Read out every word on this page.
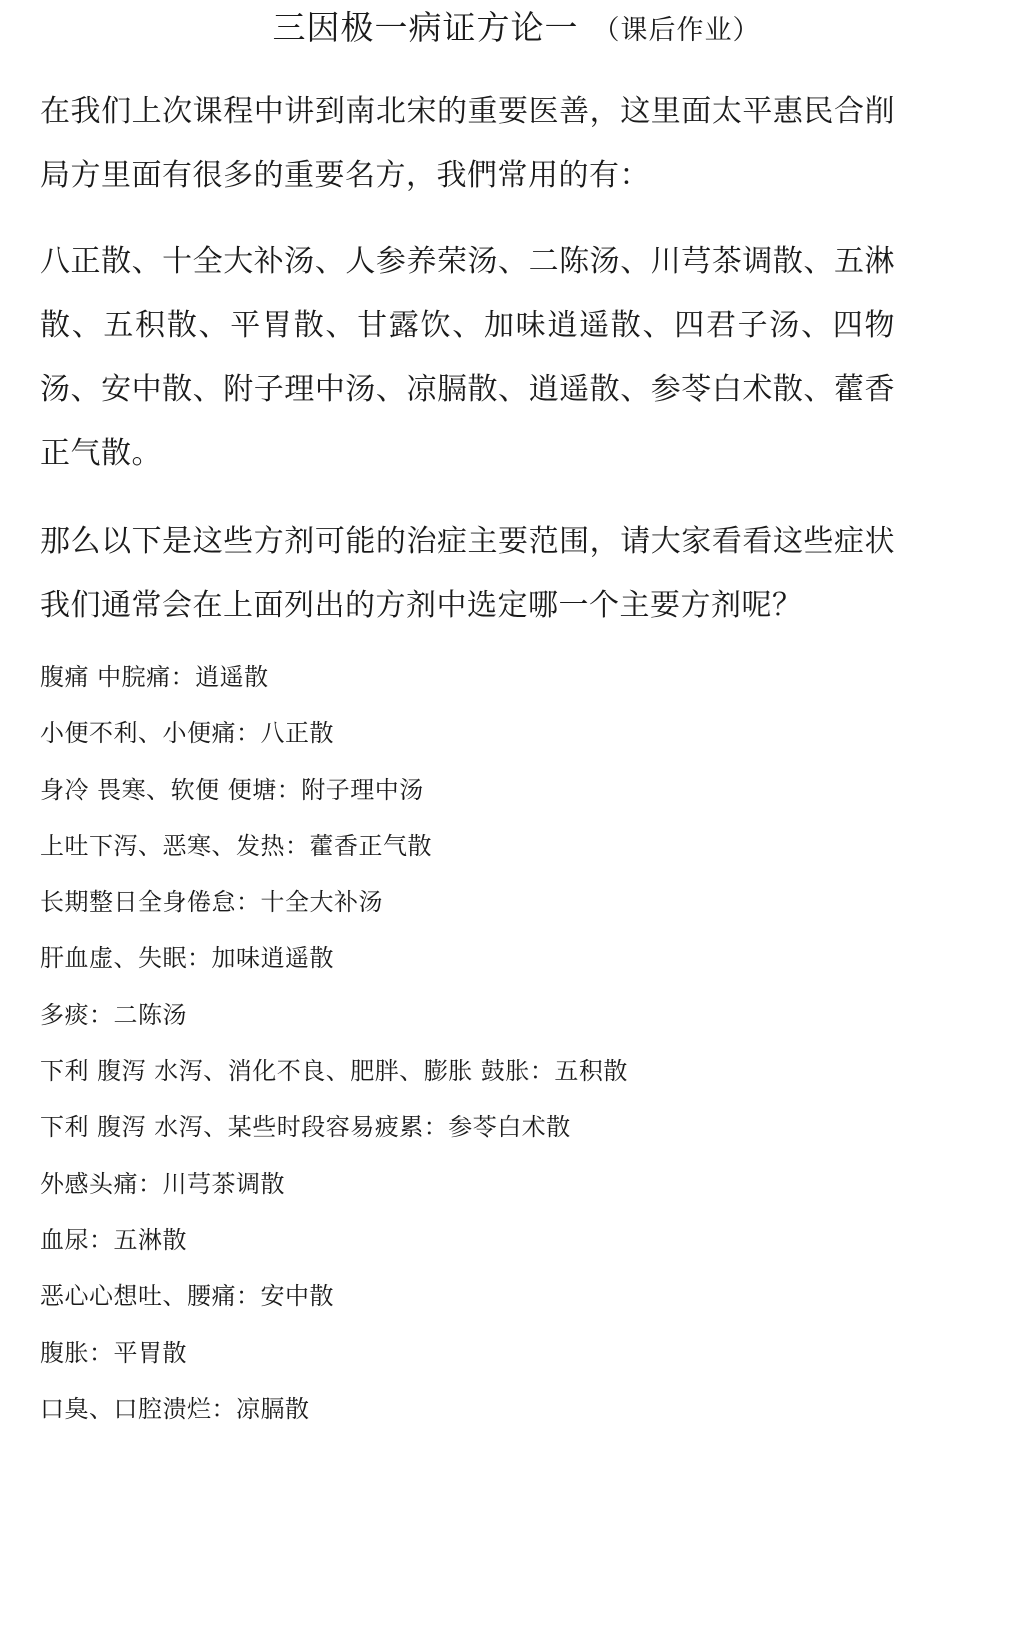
三因极一病证方论一 （课后作业）

在我们上次课程中讲到南北宋的重要医善，这里面太平惠民合削局方里面有很多的重要名方，我們常用的有：

八正散、十全大补汤、人参养荣汤、二陈汤、川芎茶调散、五淋散、五积散、平胃散、甘露饮、加味逍遥散、四君子汤、四物汤、安中散、附子理中汤、凉膈散、逍遥散、参苓白术散、藿香正气散。

那么以下是这些方剂可能的治症主要范围，请大家看看这些症状我们通常会在上面列出的方剂中选定哪一个主要方剂呢？

腹痛 中脘痛：逍遥散
小便不利、小便痛：八正散
身冷 畏寒、软便 便塘：附子理中汤
上吐下泻、恶寒、发热：藿香正气散
长期整日全身倦怠：十全大补汤
肝血虚、失眠：加味逍遥散
多痰：二陈汤
下利 腹泻 水泻、消化不良、肥胖、膨胀 鼓胀：五积散
下利 腹泻 水泻、某些时段容易疲累：参苓白术散
外感头痛：川芎茶调散
血尿：五淋散
恶心心想吐、腰痛：安中散
腹胀：平胃散
口臭、口腔溃烂：凉膈散
